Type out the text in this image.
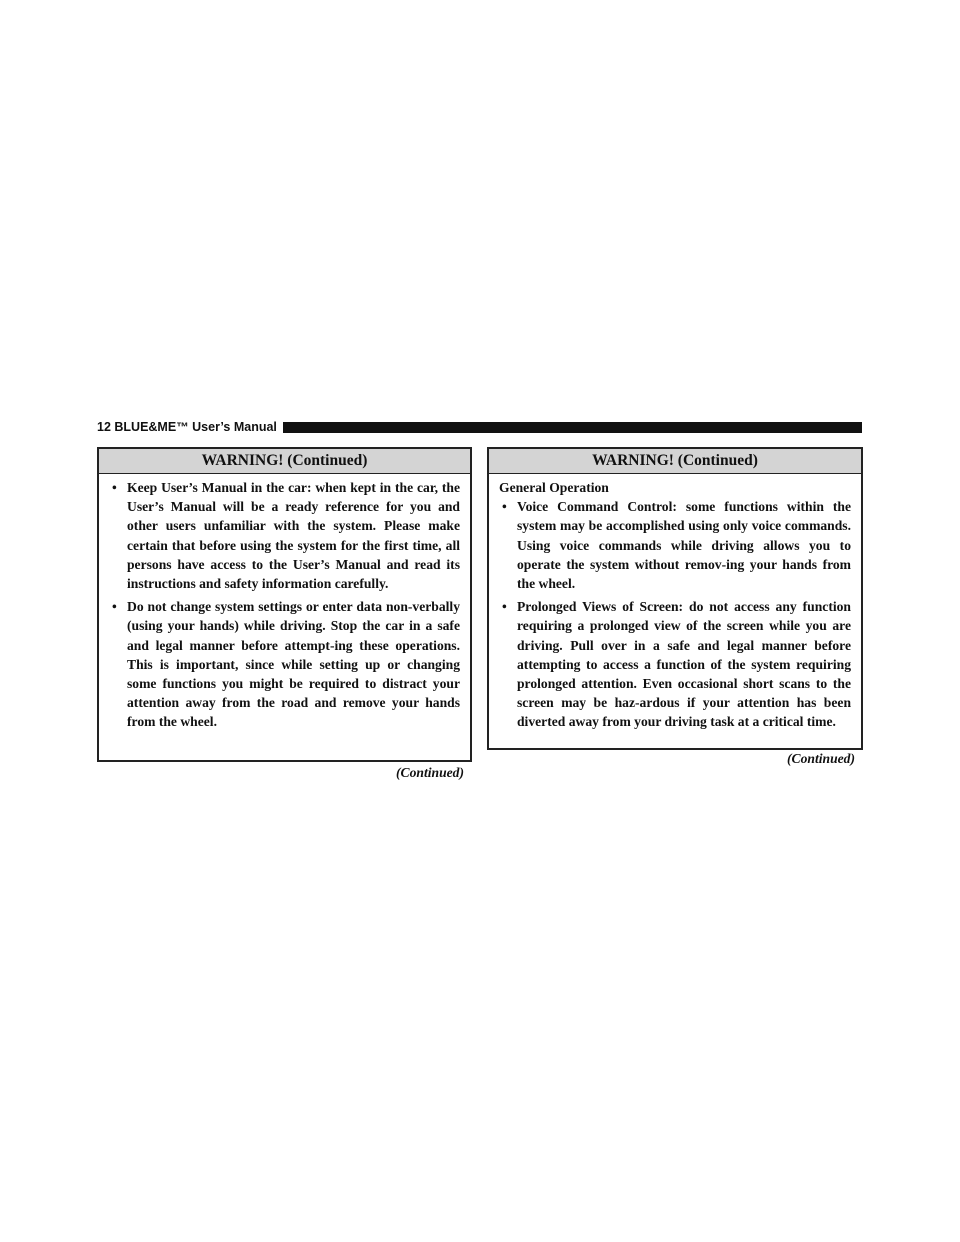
12 BLUE&ME™ User’s Manual
WARNING! (Continued)
• Keep User’s Manual in the car: when kept in the car, the User’s Manual will be a ready reference for you and other users unfamiliar with the system. Please make certain that before using the system for the first time, all persons have access to the User’s Manual and read its instructions and safety information carefully.
• Do not change system settings or enter data non-verbally (using your hands) while driving. Stop the car in a safe and legal manner before attempt-ing these operations. This is important, since while setting up or changing some functions you might be required to distract your attention away from the road and remove your hands from the wheel.
(Continued)
WARNING! (Continued)

General Operation

• Voice Command Control: some functions within the system may be accomplished using only voice commands. Using voice commands while driving allows you to operate the system without remov-ing your hands from the wheel.
• Prolonged Views of Screen: do not access any function requiring a prolonged view of the screen while you are driving. Pull over in a safe and legal manner before attempting to access a function of the system requiring prolonged attention. Even occasional short scans to the screen may be haz-ardous if your attention has been diverted away from your driving task at a critical time.
(Continued)
